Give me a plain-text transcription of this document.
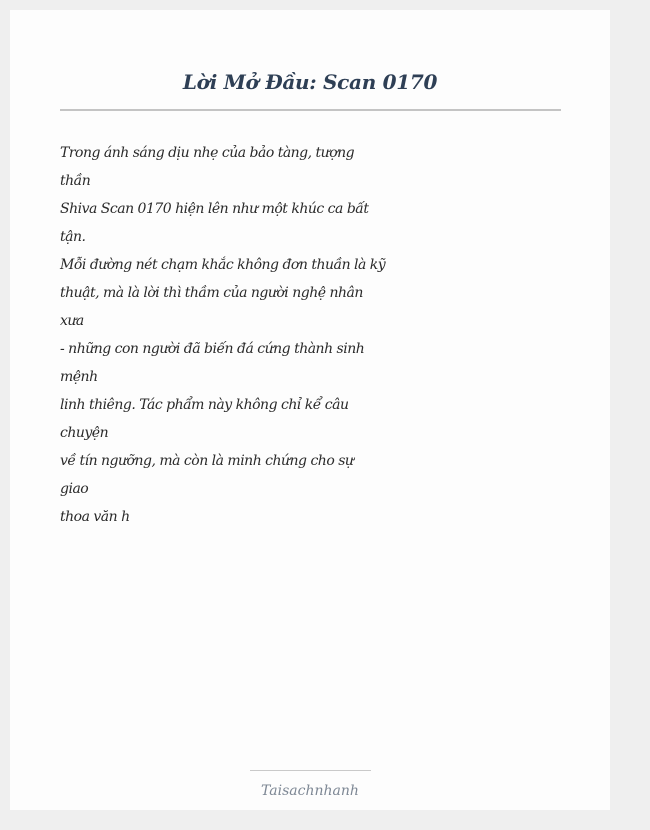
Lời Mở Đầu: Scan 0170
Trong ánh sáng dịu nhẹ của bảo tàng, tượng
thần
Shiva Scan 0170 hiện lên như một khúc ca bất
tận.
Mỗi đường nét chạm khắc không đơn thuần là kỹ
thuật, mà là lời thì thầm của người nghệ nhân
xưa
- những con người đã biến đá cứng thành sinh
mệnh
linh thiêng. Tác phẩm này không chỉ kể câu
chuyện
về tín ngưỡng, mà còn là minh chứng cho sự
giao
thoa văn h
Taisachnhanh
